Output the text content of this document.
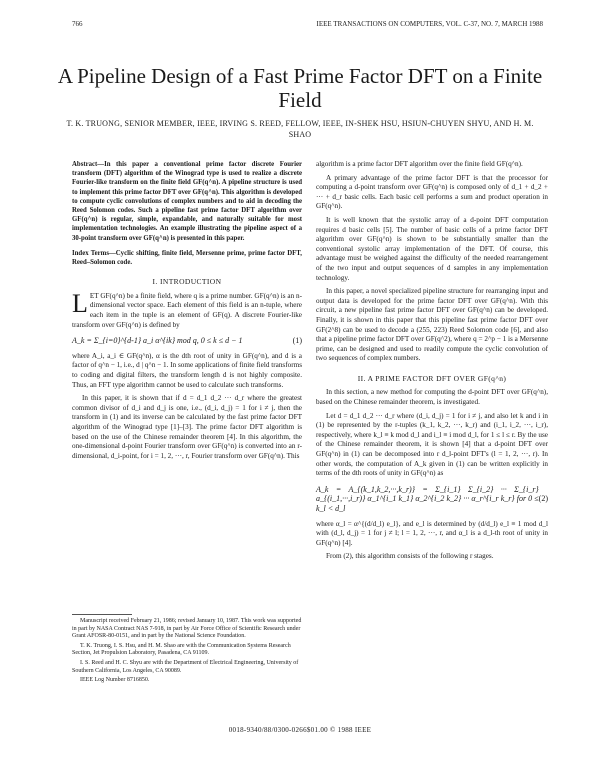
766	IEEE TRANSACTIONS ON COMPUTERS, VOL. C-37, NO. 7, MARCH 1988
A Pipeline Design of a Fast Prime Factor DFT on a Finite Field
T. K. TRUONG, SENIOR MEMBER, IEEE, IRVING S. REED, FELLOW, IEEE, IN-SHEK HSU, HSIUN-CHUYEN SHYU, AND H. M. SHAO
Abstract—In this paper a conventional prime factor discrete Fourier transform (DFT) algorithm of the Winograd type is used to realize a discrete Fourier-like transform on the finite field GF(q^n). A pipeline structure is used to implement this prime factor DFT over GF(q^n). This algorithm is developed to compute cyclic convolutions of complex numbers and to aid in decoding the Reed Solomon codes. Such a pipeline fast prime factor DFT algorithm over GF(q^n) is regular, simple, expandable, and naturally suitable for most implementation technologies. An example illustrating the pipeline aspect of a 30-point transform over GF(q^n) is presented in this paper.
Index Terms—Cyclic shifting, finite field, Mersenne prime, prime factor DFT, Reed–Solomon code.
I. INTRODUCTION

LET GF(q^n) be a finite field, where q is a prime number. GF(q^n) is an n-dimensional vector space. Each element of this field is an n-tuple, where each item in the tuple is an element of GF(q). A discrete Fourier-like transform over GF(q^n) is defined by

A_k = Σ_{i=0}^{d-1} a_i α^{ik} mod q, 0 ≤ k ≤ d − 1	(1)

where A_i, a_i ∈ GF(q^n), α is the dth root of unity in GF(q^n), and d is a factor of q^n − 1, i.e., d | q^n − 1. In some applications of finite field transforms to coding and digital filters, the transform length d is not highly composite. Thus, an FFT type algorithm cannot be used to calculate such transforms.

In this paper, it is shown that if d = d_1 d_2 ··· d_r where the greatest common divisor of d_i and d_j is one, i.e., (d_i, d_j) = 1 for i ≠ j, then the transform in (1) and its inverse can be calculated by the fast prime factor DFT algorithm of the Winograd type [1]–[3]. The prime factor DFT algorithm is based on the use of the Chinese remainder theorem [4]. In this algorithm, the one-dimensional d-point Fourier transform over GF(q^n) is converted into an r-dimensional, d_i-point, for i = 1, 2, ···, r, Fourier transform over GF(q^n). This

Manuscript received February 21, 1986; revised January 10, 1987. This work was supported in part by NASA Contract NAS 7-918, in part by Air Force Office of Scientific Research under Grant AFOSR-80-0151, and in part by the National Science Foundation.

T. K. Truong, I. S. Hsu, and H. M. Shao are with the Communication Systems Research Section, Jet Propulsion Laboratory, Pasadena, CA 91109.

I. S. Reed and H. C. Shyu are with the Department of Electrical Engineering, University of Southern California, Los Angeles, CA 90089.

IEEE Log Number 8716850.

algorithm is a prime factor DFT algorithm over the finite field GF(q^n).

A primary advantage of the prime factor DFT is that the processor for computing a d-point transform over GF(q^n) is composed only of d_1 + d_2 + ··· + d_r basic cells. Each basic cell performs a sum and product operation in GF(q^n).

It is well known that the systolic array of a d-point DFT computation requires d basic cells [5]. The number of basic cells of a prime factor DFT algorithm over GF(q^n) is shown to be substantially smaller than the conventional systolic array implementation of the DFT. Of course, this advantage must be weighed against the difficulty of the needed rearrangement of the two input and output sequences of d samples in any implementation technology.

In this paper, a novel specialized pipeline structure for rearranging input and output data is developed for the prime factor DFT over GF(q^n). With this circuit, a new pipeline fast prime factor DFT over GF(q^n) can be developed. Finally, it is shown in this paper that this pipeline fast prime factor DFT over GF(2^8) can be used to decode a (255, 223) Reed Solomon code [6], and also that a pipeline prime factor DFT over GF(q^2), where q = 2^p − 1 is a Mersenne prime, can be designed and used to readily compute the cyclic convolution of two sequences of complex numbers.

II. A PRIME FACTOR DFT OVER GF(q^n)

In this section, a new method for computing the d-point DFT over GF(q^n), based on the Chinese remainder theorem, is investigated.

Let d = d_1 d_2 ··· d_r where (d_i, d_j) = 1 for i ≠ j, and also let k and i in (1) be represented by the r-tuples (k_1, k_2, ···, k_r) and (i_1, i_2, ···, i_r), respectively, where k_l ≡ k mod d_l and i_l ≡ i mod d_l, for 1 ≤ l ≤ r. By the use of the Chinese remainder theorem, it is shown [4] that a d-point DFT over GF(q^n) in (1) can be decomposed into r d_l-point DFT's (l = 1, 2, ···, r). In other words, the computation of A_k given in (1) can be written explicitly in terms of the dth roots of unity in GF(q^n) as

A_k = A_{(k_1,k_2,···,k_r)} = Σ_{i_1} Σ_{i_2} ··· Σ_{i_r} a_{(i_1,···,i_r)} α_1^{i_1 k_1} α_2^{i_2 k_2} ··· α_r^{i_r k_r} for 0 ≤ k_l < d_l
(2)

where α_l = α^{(d/d_l) e_l}, and e_l is determined by (d/d_l) e_l ≡ 1 mod d_l with (d_l, d_j) = 1 for j ≠ l; l = 1, 2, ···, r, and α_l is a d_l-th root of unity in GF(q^n) [4].

From (2), this algorithm consists of the following r stages.

0018-9340/88/0300-0266$01.00 © 1988 IEEE
